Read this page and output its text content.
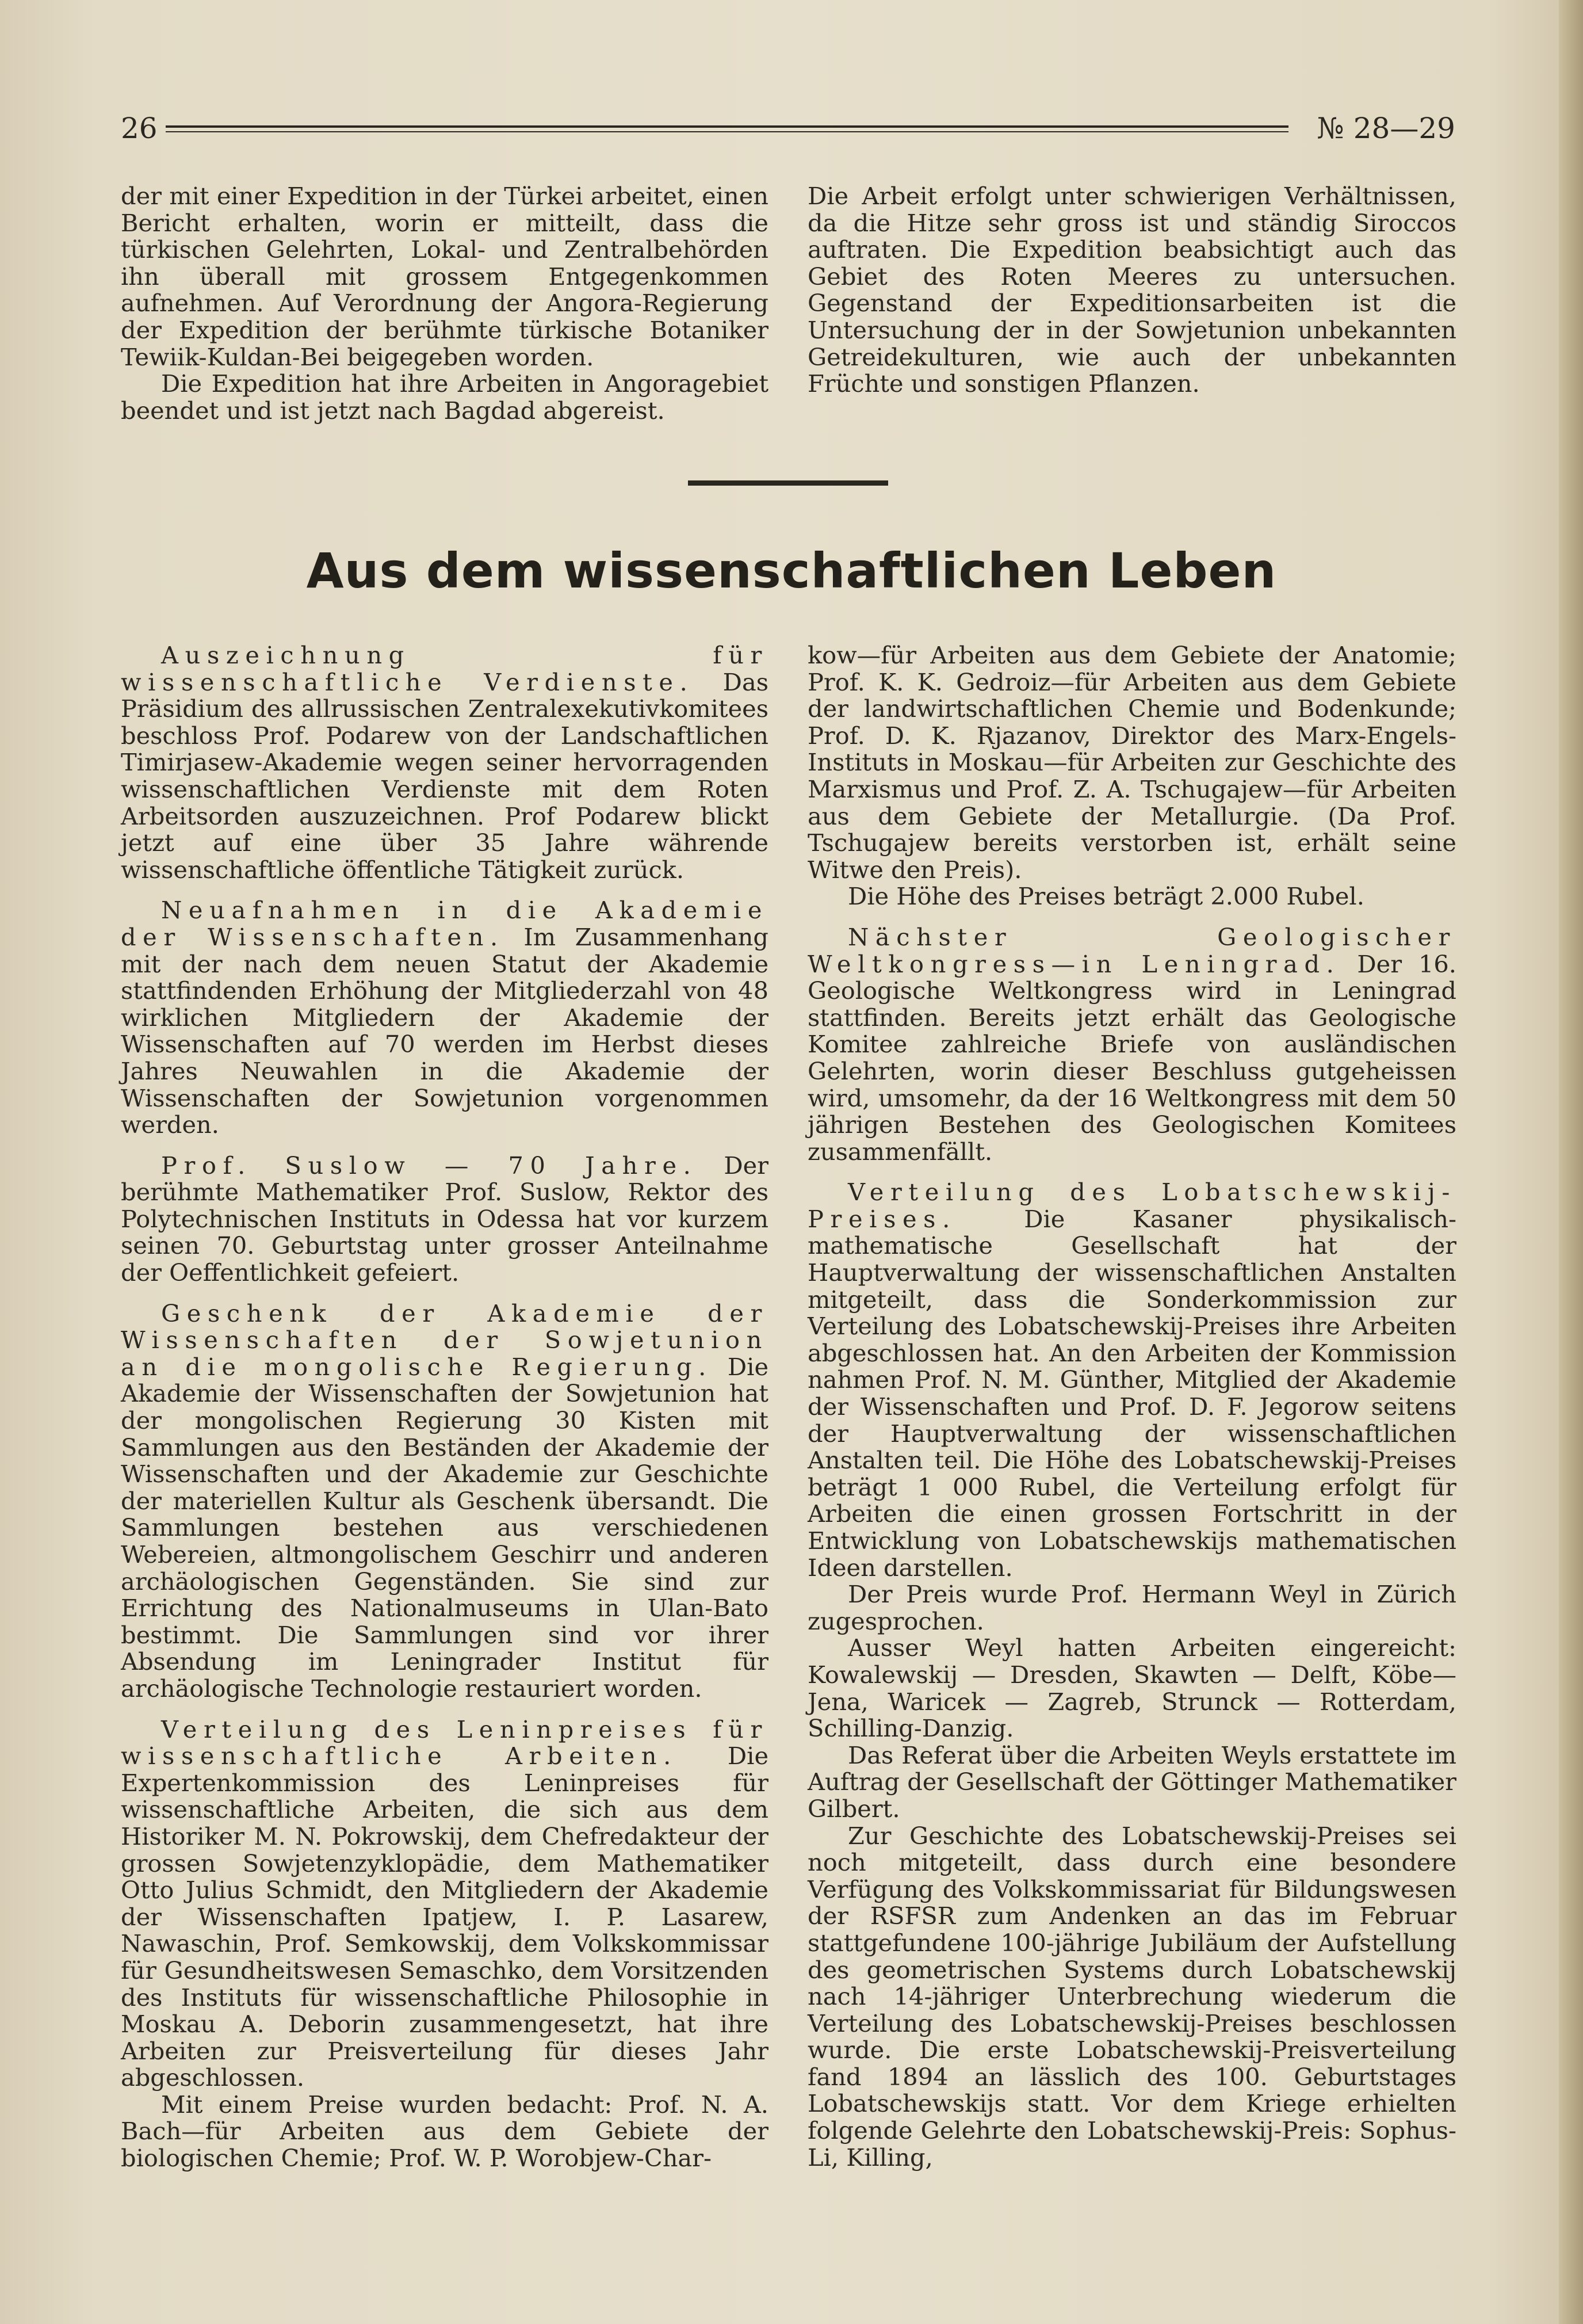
26	№ 28—29

der mit einer Expedition in der Türkei arbeitet, einen Bericht erhalten, worin er mitteilt, dass die türkischen Gelehrten, Lokal- und Zentralbehörden ihn überall mit grossem Entgegenkommen aufnehmen. Auf Verordnung der Angora-Regierung der Expedition der berühmte türkische Botaniker Tewiik-Kuldan-Bei beigegeben worden.

Die Expedition hat ihre Arbeiten in Angoragebiet beendet und ist jetzt nach Bagdad abgereist.

Die Arbeit erfolgt unter schwierigen Verhältnissen, da die Hitze sehr gross ist und ständig Siroccos auftraten. Die Expedition beabsichtigt auch das Gebiet des Roten Meeres zu untersuchen. Gegenstand der Expeditionsarbeiten ist die Untersuchung der in der Sowjetunion unbekannten Getreidekulturen, wie auch der unbekannten Früchte und sonstigen Pflanzen.

Aus dem wissenschaftlichen Leben

Auszeichnung für wissenschaftliche Verdienste. Das Präsidium des allrussischen Zentralexekutivkomitees beschloss Prof. Podarew von der Landschaftlichen Timirjasew-Akademie wegen seiner hervorragenden wissenschaftlichen Verdienste mit dem Roten Arbeitsorden auszuzeichnen. Prof Podarew blickt jetzt auf eine über 35 Jahre währende wissenschaftliche öffentliche Tätigkeit zurück.

Neuafnahmen in die Akademie der Wissenschaften. Im Zusammenhang mit der nach dem neuen Statut der Akademie stattfindenden Erhöhung der Mitgliederzahl von 48 wirklichen Mitgliedern der Akademie der Wissenschaften auf 70 werden im Herbst dieses Jahres Neuwahlen in die Akademie der Wissenschaften der Sowjetunion vorgenommen werden.

Prof. Suslow — 70 Jahre. Der berühmte Mathematiker Prof. Suslow, Rektor des Polytechnischen Instituts in Odessa hat vor kurzem seinen 70. Geburtstag unter grosser Anteilnahme der Oeffentlichkeit gefeiert.

Geschenk der Akademie der Wissenschaften der Sowjetunion an die mongolische Regierung. Die Akademie der Wissenschaften der Sowjetunion hat der mongolischen Regierung 30 Kisten mit Sammlungen aus den Beständen der Akademie der Wissenschaften und der Akademie zur Geschichte der materiellen Kultur als Geschenk übersandt. Die Sammlungen bestehen aus verschiedenen Webereien, altmongolischem Geschirr und anderen archäologischen Gegenständen. Sie sind zur Errichtung des Nationalmuseums in Ulan-Bato bestimmt. Die Sammlungen sind vor ihrer Absendung im Leningrader Institut für archäologische Technologie restauriert worden.

Verteilung des Leninpreises für wissenschaftliche Arbeiten. Die Expertenkommission des Leninpreises für wissenschaftliche Arbeiten, die sich aus dem Historiker M. N. Pokrowskij, dem Chefredakteur der grossen Sowjetenzyklopädie, dem Mathematiker Otto Julius Schmidt, den Mitgliedern der Akademie der Wissenschaften Ipatjew, I. P. Lasarew, Nawaschin, Prof. Semkowskij, dem Volkskommissar für Gesundheitswesen Semaschko, dem Vorsitzenden des Instituts für wissenschaftliche Philosophie in Moskau A. Deborin zusammengesetzt, hat ihre Arbeiten zur Preisverteilung für dieses Jahr abgeschlossen.

Mit einem Preise wurden bedacht: Prof. N. A. Bach—für Arbeiten aus dem Gebiete der biologischen Chemie; Prof. W. P. Worobjew-Char-

kow—für Arbeiten aus dem Gebiete der Anatomie; Prof. K. K. Gedroiz—für Arbeiten aus dem Gebiete der landwirtschaftlichen Chemie und Bodenkunde; Prof. D. K. Rjazanov, Direktor des Marx-Engels-Instituts in Moskau—für Arbeiten zur Geschichte des Marxismus und Prof. Z. A. Tschugajew—für Arbeiten aus dem Gebiete der Metallurgie. (Da Prof. Tschugajew bereits verstorben ist, erhält seine Witwe den Preis).

Die Höhe des Preises beträgt 2.000 Rubel.

Nächster Geologischer Weltkongress—in Leningrad. Der 16. Geologische Weltkongress wird in Leningrad stattfinden. Bereits jetzt erhält das Geologische Komitee zahlreiche Briefe von ausländischen Gelehrten, worin dieser Beschluss gutgeheissen wird, umsomehr, da der 16 Weltkongress mit dem 50 jährigen Bestehen des Geologischen Komitees zusammenfällt.

Verteilung des Lobatschewskij-Preises. Die Kasaner physikalisch-mathematische Gesellschaft hat der Hauptverwaltung der wissenschaftlichen Anstalten mitgeteilt, dass die Sonderkommission zur Verteilung des Lobatschewskij-Preises ihre Arbeiten abgeschlossen hat. An den Arbeiten der Kommission nahmen Prof. N. M. Günther, Mitglied der Akademie der Wissenschaften und Prof. D. F. Jegorow seitens der Hauptverwaltung der wissenschaftlichen Anstalten teil. Die Höhe des Lobatschewskij-Preises beträgt 1 000 Rubel, die Verteilung erfolgt für Arbeiten die einen grossen Fortschritt in der Entwicklung von Lobatschewskijs mathematischen Ideen darstellen.

Der Preis wurde Prof. Hermann Weyl in Zürich zugesprochen.

Ausser Weyl hatten Arbeiten eingereicht: Kowalewskij — Dresden, Skawten — Delft, Köbe—Jena, Waricek — Zagreb, Strunck — Rotterdam, Schilling-Danzig.

Das Referat über die Arbeiten Weyls erstattete im Auftrag der Gesellschaft der Göttinger Mathematiker Gilbert.

Zur Geschichte des Lobatschewskij-Preises sei noch mitgeteilt, dass durch eine besondere Verfügung des Volkskommissariat für Bildungswesen der RSFSR zum Andenken an das im Februar stattgefundene 100-jährige Jubiläum der Aufstellung des geometrischen Systems durch Lobatschewskij nach 14-jähriger Unterbrechung wiederum die Verteilung des Lobatschewskij-Preises beschlossen wurde. Die erste Lobatschewskij-Preisverteilung fand 1894 an lässlich des 100. Geburtstages Lobatschewskijs statt. Vor dem Kriege erhielten folgende Gelehrte den Lobatschewskij-Preis: Sophus-Li, Killing,
